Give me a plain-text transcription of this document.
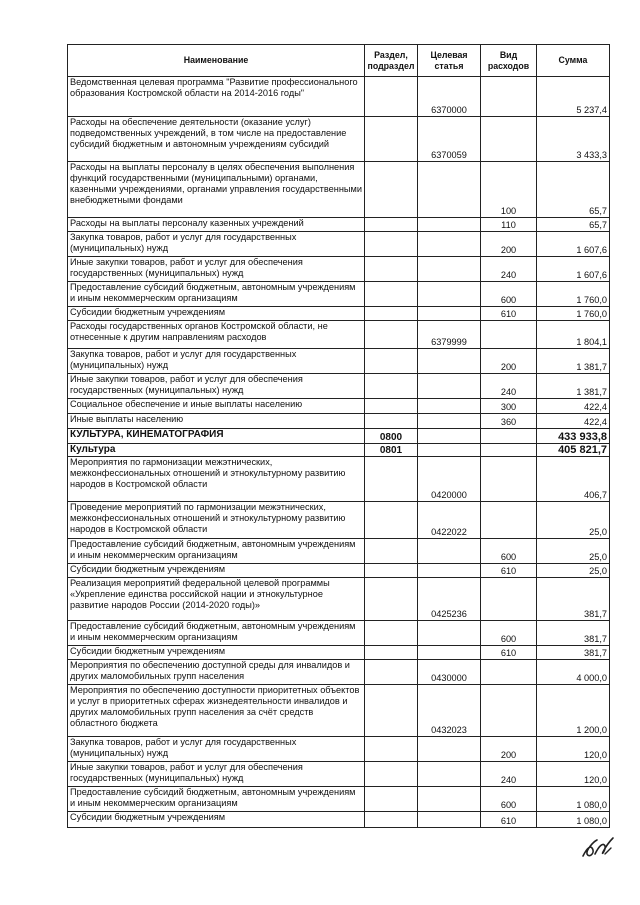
Наименование	Раздел, подраздел	Целевая статья	Вид расходов	Сумма
Ведомственная целевая программа "Развитие профессионального образования Костромской области на 2014-2016 годы"		6370000		5 237,4
Расходы на обеспечение деятельности (оказание услуг) подведомственных учреждений, в том числе на предоставление субсидий бюджетным и автономным учреждениям субсидий		6370059		3 433,3
Расходы на выплаты персоналу в целях обеспечения выполнения функций государственными (муниципальными) органами, казенными учреждениями, органами управления государственными внебюджетными фондами			100	65,7
Расходы на выплаты персоналу казенных учреждений			110	65,7
Закупка товаров, работ и услуг для государственных (муниципальных) нужд			200	1 607,6
Иные закупки товаров, работ и услуг для обеспечения государственных (муниципальных) нужд			240	1 607,6
Предоставление субсидий бюджетным, автономным учреждениям и иным некоммерческим организациям			600	1 760,0
Субсидии бюджетным учреждениям			610	1 760,0
Расходы государственных органов Костромской области, не отнесенные к другим направлениям расходов		6379999		1 804,1
Закупка товаров, работ и услуг для государственных (муниципальных) нужд			200	1 381,7
Иные закупки товаров, работ и услуг для обеспечения государственных (муниципальных) нужд			240	1 381,7
Социальное обеспечение и иные выплаты населению			300	422,4
Иные выплаты населению			360	422,4
КУЛЬТУРА, КИНЕМАТОГРАФИЯ	0800			433 933,8
Культура	0801			405 821,7
Мероприятия по гармонизации межэтнических, межконфессиональных отношений и этнокультурному развитию народов в Костромской области		0420000		406,7
Проведение мероприятий по гармонизации межэтнических, межконфессиональных отношений и этнокультурному развитию народов в Костромской области		0422022		25,0
Предоставление субсидий бюджетным, автономным учреждениям и иным некоммерческим организациям			600	25,0
Субсидии бюджетным учреждениям			610	25,0
Реализация мероприятий федеральной целевой программы «Укрепление единства российской нации и этнокультурное развитие народов России (2014-2020 годы)»		0425236		381,7
Предоставление субсидий бюджетным, автономным учреждениям и иным некоммерческим организациям			600	381,7
Субсидии бюджетным учреждениям			610	381,7
Мероприятия по обеспечению доступной среды для инвалидов и других маломобильных групп населения		0430000		4 000,0
Мероприятия по обеспечению доступности приоритетных объектов и услуг в приоритетных сферах жизнедеятельности инвалидов и других маломобильных групп населения за счёт средств областного бюджета		0432023		1 200,0
Закупка товаров, работ и услуг для государственных (муниципальных) нужд			200	120,0
Иные закупки товаров, работ и услуг для обеспечения государственных (муниципальных) нужд			240	120,0
Предоставление субсидий бюджетным, автономным учреждениям и иным некоммерческим организациям			600	1 080,0
Субсидии бюджетным учреждениям			610	1 080,0
